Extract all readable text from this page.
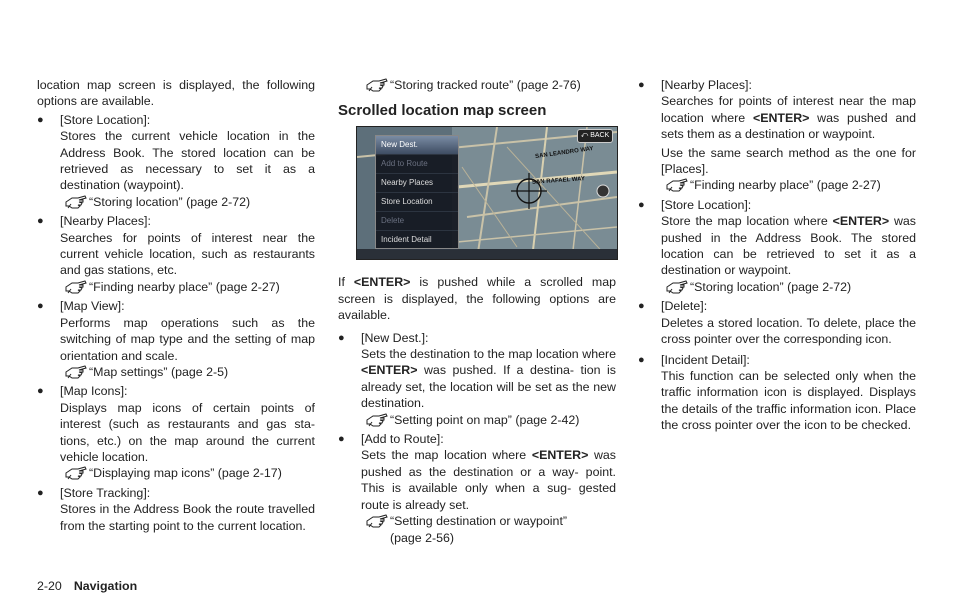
location map screen is displayed, the following options are available.

● [Store Location]:

Stores the current vehicle location in the Address Book. The stored location can be retrieved as necessary to set it as a destination (waypoint).

“Storing location” (page 2-72)

● [Nearby Places]:

Searches for points of interest near the current vehicle location, such as restaurants and gas stations, etc.

“Finding nearby place” (page 2-27)

● [Map View]:

Performs map operations such as the switching of map type and the setting of map orientation and scale.

“Map settings” (page 2-5)

● [Map Icons]:

Displays map icons of certain points of interest (such as restaurants and gas sta- tions, etc.) on the map around the current vehicle location.

“Displaying map icons” (page 2-17)

● [Store Tracking]:

Stores in the Address Book the route travelled from the starting point to the current location.

“Storing tracked route” (page 2-76)

Scrolled location map screen
⤺ BACK
SAN LEANDRO WAY
SAN RAFAEL WAY
New Dest.
Add to Route
Nearby Places
Store Location
Delete
Incident Detail

If <ENTER> is pushed while a scrolled map screen is displayed, the following options are available.

● [New Dest.]:

Sets the destination to the map location where <ENTER> was pushed. If a destina- tion is already set, the location will be set as the new destination.

“Setting point on map” (page 2-42)

● [Add to Route]:

Sets the map location where <ENTER> was pushed as the destination or a way- point. This is available only when a sug- gested route is already set.

“Setting destination or waypoint” (page 2-56)

● [Nearby Places]:

Searches for points of interest near the map location where <ENTER> was pushed and sets them as a destination or waypoint.

Use the same search method as the one for [Places].

“Finding nearby place” (page 2-27)

● [Store Location]:

Store the map location where <ENTER> was pushed in the Address Book. The stored location can be retrieved to set it as a destination or waypoint.

“Storing location” (page 2-72)

● [Delete]:

Deletes a stored location. To delete, place the cross pointer over the corresponding icon.

● [Incident Detail]:

This function can be selected only when the traffic information icon is displayed. Displays the details of the traffic information icon. Place the cross pointer over the icon to be checked.

2-20 Navigation
